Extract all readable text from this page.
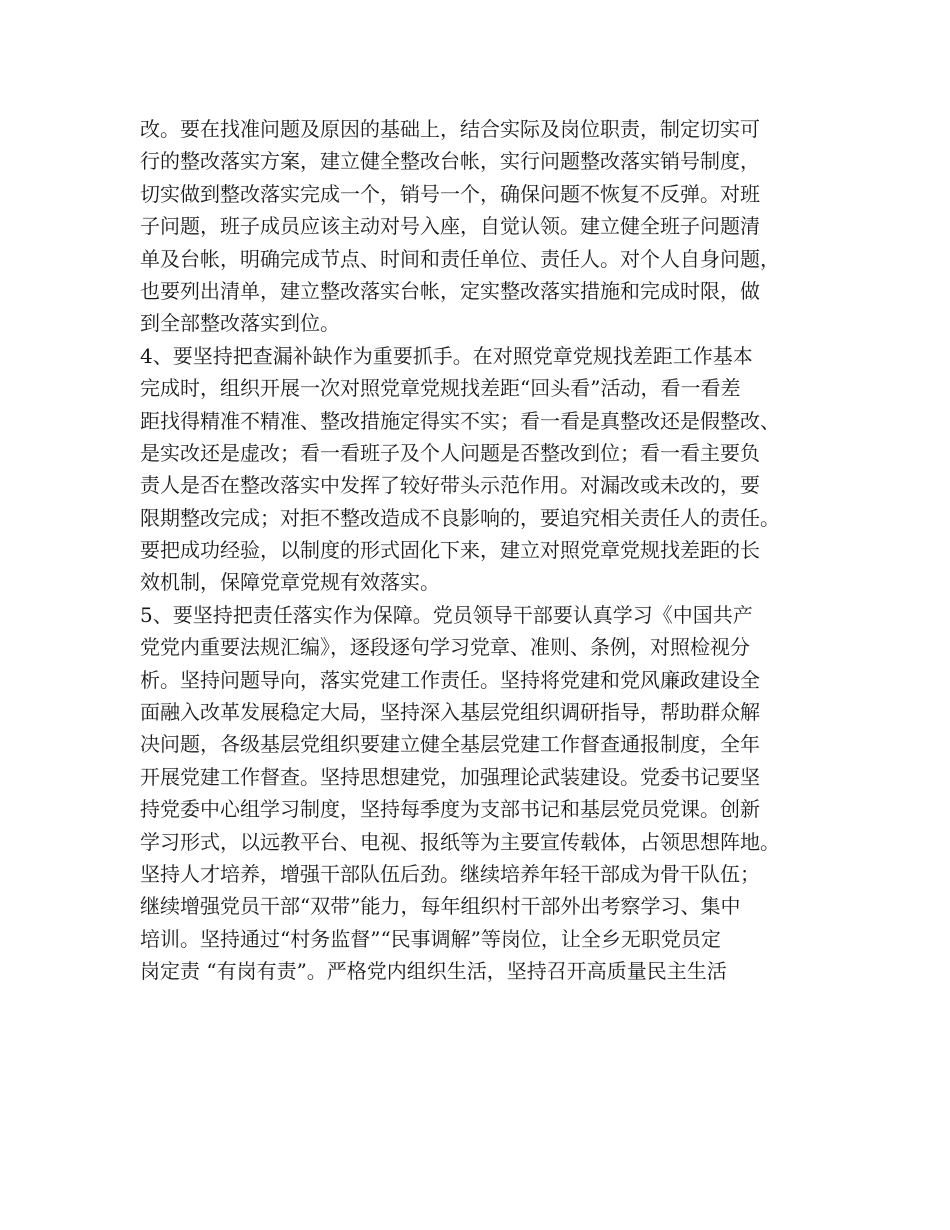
改。要在找准问题及原因的基础上，结合实际及岗位职责，制定切实可
行的整改落实方案，建立健全整改台帐，实行问题整改落实销号制度，
切实做到整改落实完成一个，销号一个，确保问题不恢复不反弹。对班
子问题，班子成员应该主动对号入座，自觉认领。建立健全班子问题清
单及台帐，明确完成节点、时间和责任单位、责任人。对个人自身问题，
也要列出清单，建立整改落实台帐，定实整改落实措施和完成时限，做
到全部整改落实到位。
4、要坚持把查漏补缺作为重要抓手。在对照党章党规找差距工作基本
完成时，组织开展一次对照党章党规找差距“回头看”活动，看一看差
距找得精准不精准、整改措施定得实不实；看一看是真整改还是假整改、
是实改还是虚改；看一看班子及个人问题是否整改到位；看一看主要负
责人是否在整改落实中发挥了较好带头示范作用。对漏改或未改的，要
限期整改完成；对拒不整改造成不良影响的，要追究相关责任人的责任。
要把成功经验，以制度的形式固化下来，建立对照党章党规找差距的长
效机制，保障党章党规有效落实。
5、要坚持把责任落实作为保障。党员领导干部要认真学习《中国共产
党党内重要法规汇编》，逐段逐句学习党章、准则、条例，对照检视分
析。坚持问题导向，落实党建工作责任。坚持将党建和党风廉政建设全
面融入改革发展稳定大局，坚持深入基层党组织调研指导，帮助群众解
决问题，各级基层党组织要建立健全基层党建工作督查通报制度，全年
开展党建工作督查。坚持思想建党，加强理论武装建设。党委书记要坚
持党委中心组学习制度，坚持每季度为支部书记和基层党员党课。创新
学习形式，以远教平台、电视、报纸等为主要宣传载体，占领思想阵地。
坚持人才培养，增强干部队伍后劲。继续培养年轻干部成为骨干队伍；
继续增强党员干部“双带”能力，每年组织村干部外出考察学习、集中
培训。坚持通过“村务监督”“民事调解”等岗位，让全乡无职党员定
岗定责 “有岗有责”。严格党内组织生活，坚持召开高质量民主生活
